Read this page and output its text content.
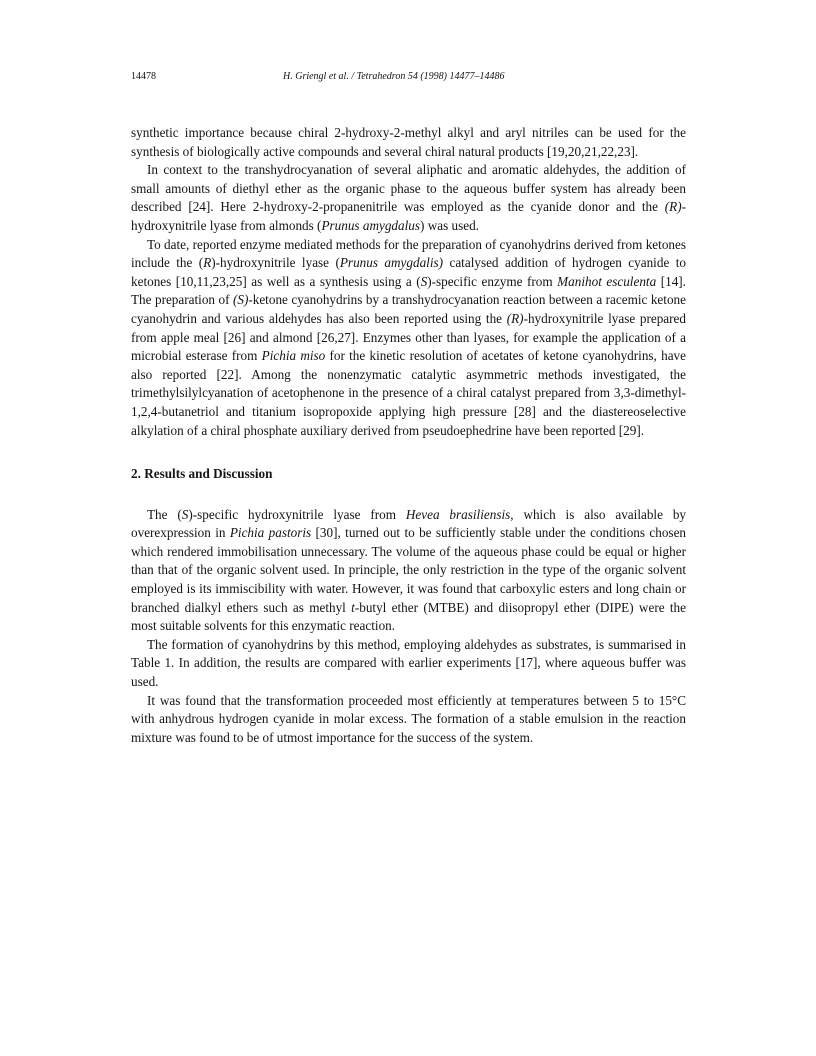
14478	H. Griengl et al. / Tetrahedron 54 (1998) 14477–14486

synthetic importance because chiral 2-hydroxy-2-methyl alkyl and aryl nitriles can be used for the synthesis of biologically active compounds and several chiral natural products [19,20,21,22,23].

In context to the transhydrocyanation of several aliphatic and aromatic aldehydes, the addition of small amounts of diethyl ether as the organic phase to the aqueous buffer system has already been described [24]. Here 2-hydroxy-2-propanenitrile was employed as the cyanide donor and the (R)-hydroxynitrile lyase from almonds (Prunus amygdalus) was used.

To date, reported enzyme mediated methods for the preparation of cyanohydrins derived from ketones include the (R)-hydroxynitrile lyase (Prunus amygdalis) catalysed addition of hydrogen cyanide to ketones [10,11,23,25] as well as a synthesis using a (S)-specific enzyme from Manihot esculenta [14]. The preparation of (S)-ketone cyanohydrins by a transhydrocyanation reaction between a racemic ketone cyanohydrin and various aldehydes has also been reported using the (R)-hydroxynitrile lyase prepared from apple meal [26] and almond [26,27]. Enzymes other than lyases, for example the application of a microbial esterase from Pichia miso for the kinetic resolution of acetates of ketone cyanohydrins, have also reported [22]. Among the nonenzymatic catalytic asymmetric methods investigated, the trimethylsilylcyanation of acetophenone in the presence of a chiral catalyst prepared from 3,3-dimethyl-1,2,4-butanetriol and titanium isopropoxide applying high pressure [28] and the diastereoselective alkylation of a chiral phosphate auxiliary derived from pseudoephedrine have been reported [29].

2. Results and Discussion

The (S)-specific hydroxynitrile lyase from Hevea brasiliensis, which is also available by overexpression in Pichia pastoris [30], turned out to be sufficiently stable under the conditions chosen which rendered immobilisation unnecessary. The volume of the aqueous phase could be equal or higher than that of the organic solvent used. In principle, the only restriction in the type of the organic solvent employed is its immiscibility with water. However, it was found that carboxylic esters and long chain or branched dialkyl ethers such as methyl t-butyl ether (MTBE) and diisopropyl ether (DIPE) were the most suitable solvents for this enzymatic reaction.

The formation of cyanohydrins by this method, employing aldehydes as substrates, is summarised in Table 1. In addition, the results are compared with earlier experiments [17], where aqueous buffer was used.

It was found that the transformation proceeded most efficiently at temperatures between 5 to 15°C with anhydrous hydrogen cyanide in molar excess. The formation of a stable emulsion in the reaction mixture was found to be of utmost importance for the success of the system.
